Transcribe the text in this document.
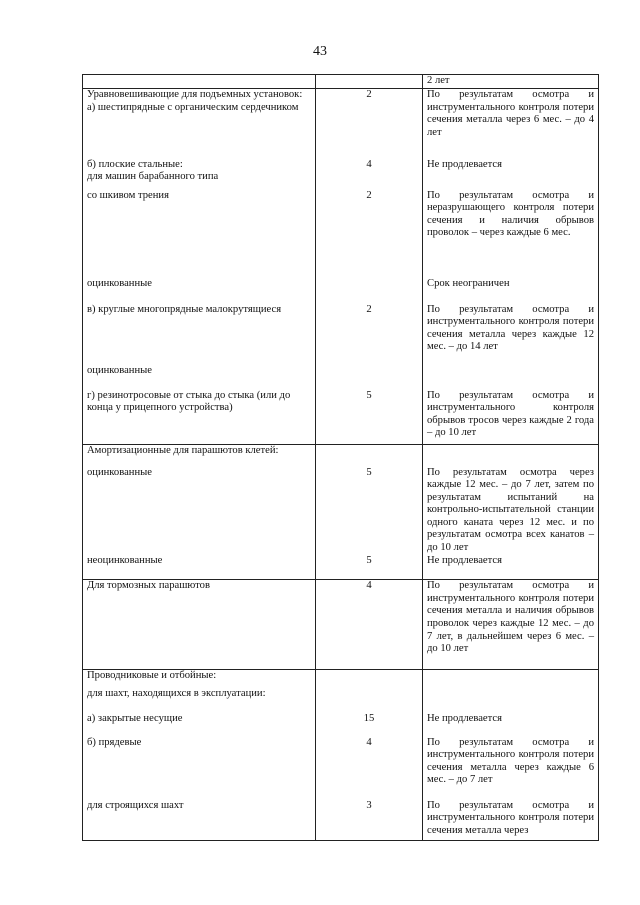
43
		2 лет
Уравновешивающие для подъемных установок:
а) шестипрядные с органическим сердечником	2	По результатам осмотра и инструментального контроля потери сечения металла через 6 мес. – до 4 лет
б) плоские стальные:
для машин барабанного типа	4	Не продлевается
со шкивом трения	2	По результатам осмотра и неразрушающего контроля потери сечения и наличия обрывов проволок – через каждые 6 мес.
оцинкованные		Срок неограничен
в) круглые многопрядные малокрутящиеся	2	По результатам осмотра и инструментального контроля потери сечения металла через каждые 12 мес. – до 14 лет
оцинкованные		
г) резинотросовые от стыка до стыка (или до конца у прицепного устройства)	5	По результатам осмотра и инструментального контроля обрывов тросов через каждые 2 года – до 10 лет
Амортизационные для парашютов клетей:		
оцинкованные	5	По результатам осмотра через каждые 12 мес. – до 7 лет, затем по результатам испытаний на контрольно-испытательной станции одного каната через 12 мес. и по результатам осмотра всех канатов – до 10 лет
неоцинкованные	5	Не продлевается
Для тормозных парашютов	4	По результатам осмотра и инструментального контроля потери сечения металла и наличия обрывов проволок через каждые 12 мес. – до 7 лет, в дальнейшем через 6 мес. – до 10 лет
Проводниковые и отбойные:		
для шахт, находящихся в эксплуатации:		
а) закрытые несущие	15	Не продлевается
б) прядевые	4	По результатам осмотра и инструментального контроля потери сечения металла через каждые 6 мес. – до 7 лет
для строящихся шахт	3	По результатам осмотра и инструментального контроля потери сечения металла через
